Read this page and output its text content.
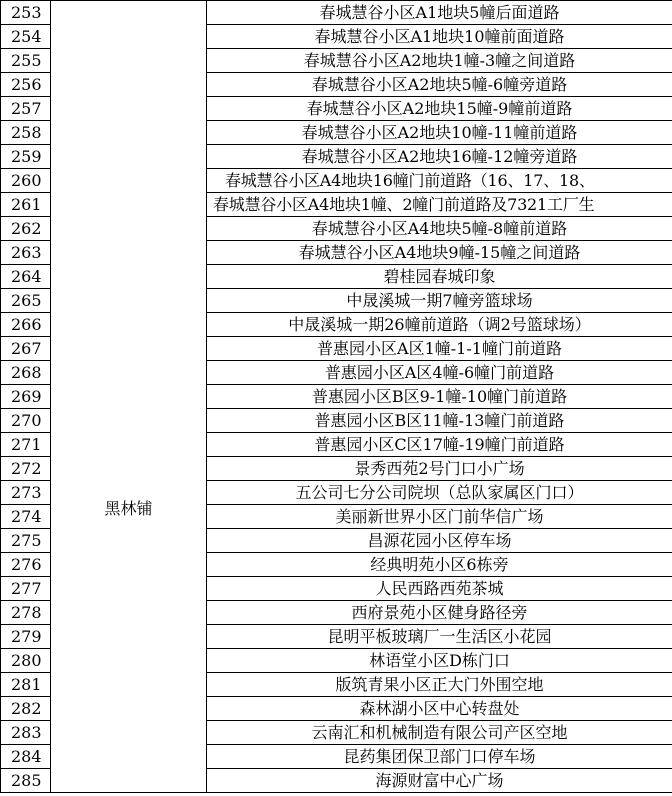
253	黑林铺	春城慧谷小区A1地块5幢后面道路
254		春城慧谷小区A1地块10幢前面道路
255		春城慧谷小区A2地块1幢-3幢之间道路
256		春城慧谷小区A2地块5幢-6幢旁道路
257		春城慧谷小区A2地块15幢-9幢前道路
258		春城慧谷小区A2地块10幢-11幢前道路
259		春城慧谷小区A2地块16幢-12幢旁道路
260		春城慧谷小区A4地块16幢门前道路（16、17、18、
261		春城慧谷小区A4地块1幢、2幢门前道路及7321工厂生
262		春城慧谷小区A4地块5幢-8幢前道路
263		春城慧谷小区A4地块9幢-15幢之间道路
264		碧桂园春城印象
265		中晟溪城一期7幢旁篮球场
266		中晟溪城一期26幢前道路（调2号篮球场）
267		普惠园小区A区1幢-1-1幢门前道路
268		普惠园小区A区4幢-6幢门前道路
269		普惠园小区B区9-1幢-10幢门前道路
270		普惠园小区B区11幢-13幢门前道路
271		普惠园小区C区17幢-19幢门前道路
272		景秀西苑2号门口小广场
273		五公司七分公司院坝（总队家属区门口）
274		美丽新世界小区门前华信广场
275		昌源花园小区停车场
276		经典明苑小区6栋旁
277		人民西路西苑茶城
278		西府景苑小区健身路径旁
279		昆明平板玻璃厂一生活区小花园
280		林语堂小区D栋门口
281		版筑青果小区正大门外围空地
282		森林湖小区中心转盘处
283		云南汇和机械制造有限公司产区空地
284		昆药集团保卫部门口停车场
285		海源财富中心广场
